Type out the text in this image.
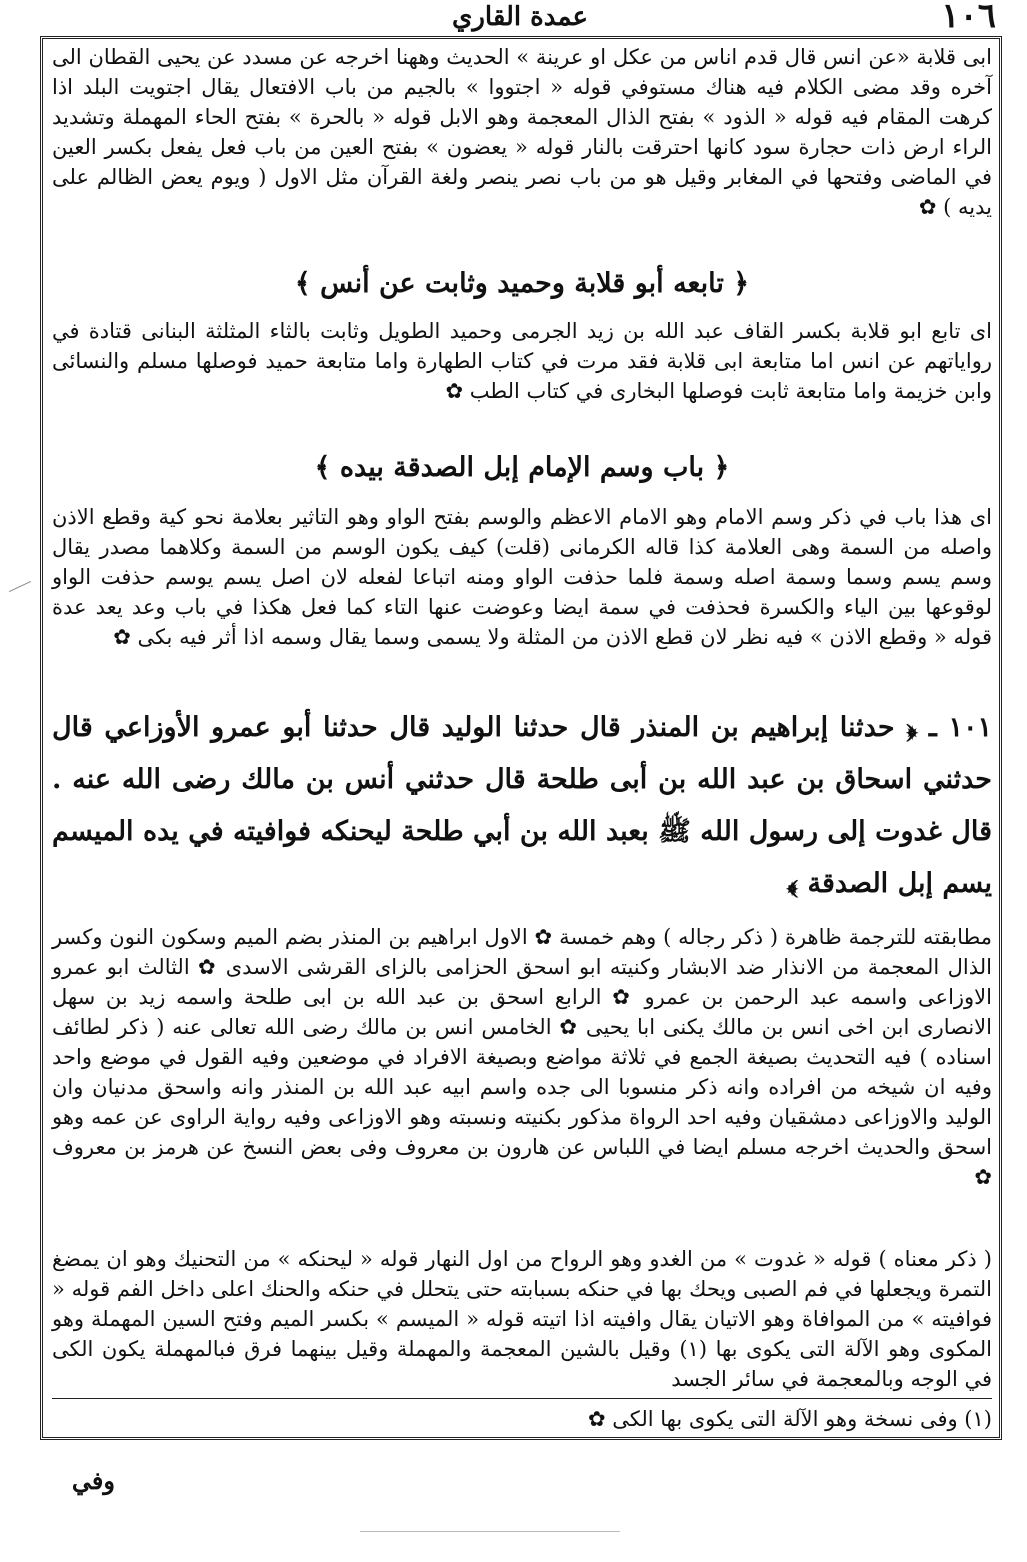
عمدة القاري	١٠٦
ابى قلابة «عن انس قال قدم اناس من عكل او عرينة » الحديث وههنا اخرجه عن مسدد عن يحيى القطان الى آخره وقد مضى الكلام فيه هناك مستوفي قوله « اجتووا » بالجيم من باب الافتعال يقال اجتويت البلد اذا كرهت المقام فيه قوله « الذود » بفتح الذال المعجمة وهو الابل قوله « بالحرة » بفتح الحاء المهملة وتشديد الراء ارض ذات حجارة سود كانها احترقت بالنار قوله « يعضون » بفتح العين من باب فعل يفعل بكسر العين في الماضى وفتحها في المغابر وقيل هو من باب نصر ينصر ولغة القرآن مثل الاول ( ويوم يعض الظالم على يديه ) ✿
﴿ تابعه أبو قلابة وحميد وثابت عن أنس ﴾
اى تابع ابو قلابة بكسر القاف عبد الله بن زيد الجرمى وحميد الطويل وثابت بالثاء المثلثة البنانى قتادة في رواياتهم عن انس اما متابعة ابى قلابة فقد مرت في كتاب الطهارة واما متابعة حميد فوصلها مسلم والنسائى وابن خزيمة واما متابعة ثابت فوصلها البخارى في كتاب الطب ✿
﴿ باب وسم الإمام إبل الصدقة بيده ﴾
اى هذا باب في ذكر وسم الامام وهو الامام الاعظم والوسم بفتح الواو وهو التاثير بعلامة نحو كية وقطع الاذن واصله من السمة وهى العلامة كذا قاله الكرمانى (قلت) كيف يكون الوسم من السمة وكلاهما مصدر يقال وسم يسم وسما وسمة اصله وسمة فلما حذفت الواو ومنه اتباعا لفعله لان اصل يسم يوسم حذفت الواو لوقوعها بين الياء والكسرة فحذفت في سمة ايضا وعوضت عنها التاء كما فعل هكذا في باب وعد يعد عدة قوله « وقطع الاذن » فيه نظر لان قطع الاذن من المثلة ولا يسمى وسما يقال وسمه اذا أثر فيه بكى ✿
١٠١ ـ ﴿ حدثنا إبراهيم بن المنذر قال حدثنا الوليد قال حدثنا أبو عمرو الأوزاعي قال حدثني اسحاق بن عبد الله بن أبى طلحة قال حدثني أنس بن مالك رضى الله عنه . قال غدوت إلى رسول الله ﷺ بعبد الله بن أبي طلحة ليحنكه فوافيته في يده الميسم يسم إبل الصدقة ﴾
مطابقته للترجمة ظاهرة ( ذكر رجاله ) وهم خمسة ✿ الاول ابراهيم بن المنذر بضم الميم وسكون النون وكسر الذال المعجمة من الانذار ضد الابشار وكنيته ابو اسحق الحزامى بالزاى القرشى الاسدى ✿ الثالث ابو عمرو الاوزاعى واسمه عبد الرحمن بن عمرو ✿ الرابع اسحق بن عبد الله بن ابى طلحة واسمه زيد بن سهل الانصارى ابن اخى انس بن مالك يكنى ابا يحيى ✿ الخامس انس بن مالك رضى الله تعالى عنه ( ذكر لطائف اسناده ) فيه التحديث بصيغة الجمع في ثلاثة مواضع وبصيغة الافراد في موضعين وفيه القول في موضع واحد وفيه ان شيخه من افراده وانه ذكر منسوبا الى جده واسم ابيه عبد الله بن المنذر وانه واسحق مدنيان وان الوليد والاوزاعى دمشقيان وفيه احد الرواة مذكور بكنيته ونسبته وهو الاوزاعى وفيه رواية الراوى عن عمه وهو اسحق والحديث اخرجه مسلم ايضا في اللباس عن هارون بن معروف وفى بعض النسخ عن هرمز بن معروف ✿
( ذكر معناه ) قوله « غدوت » من الغدو وهو الرواح من اول النهار قوله « ليحنكه » من التحنيك وهو ان يمضغ التمرة ويجعلها في فم الصبى ويحك بها في حنكه بسبابته حتى يتحلل في حنكه والحنك اعلى داخل الفم قوله « فوافيته » من الموافاة وهو الاتيان يقال وافيته اذا اتيته قوله « الميسم » بكسر الميم وفتح السين المهملة وهو المكوى وهو الآلة التى يكوى بها (١) وقيل بالشين المعجمة والمهملة وقيل بينهما فرق فبالمهملة يكون الكى في الوجه وبالمعجمة في سائر الجسد
(١) وفى نسخة وهو الآلة التى يكوى بها الكى ✿
وفي
